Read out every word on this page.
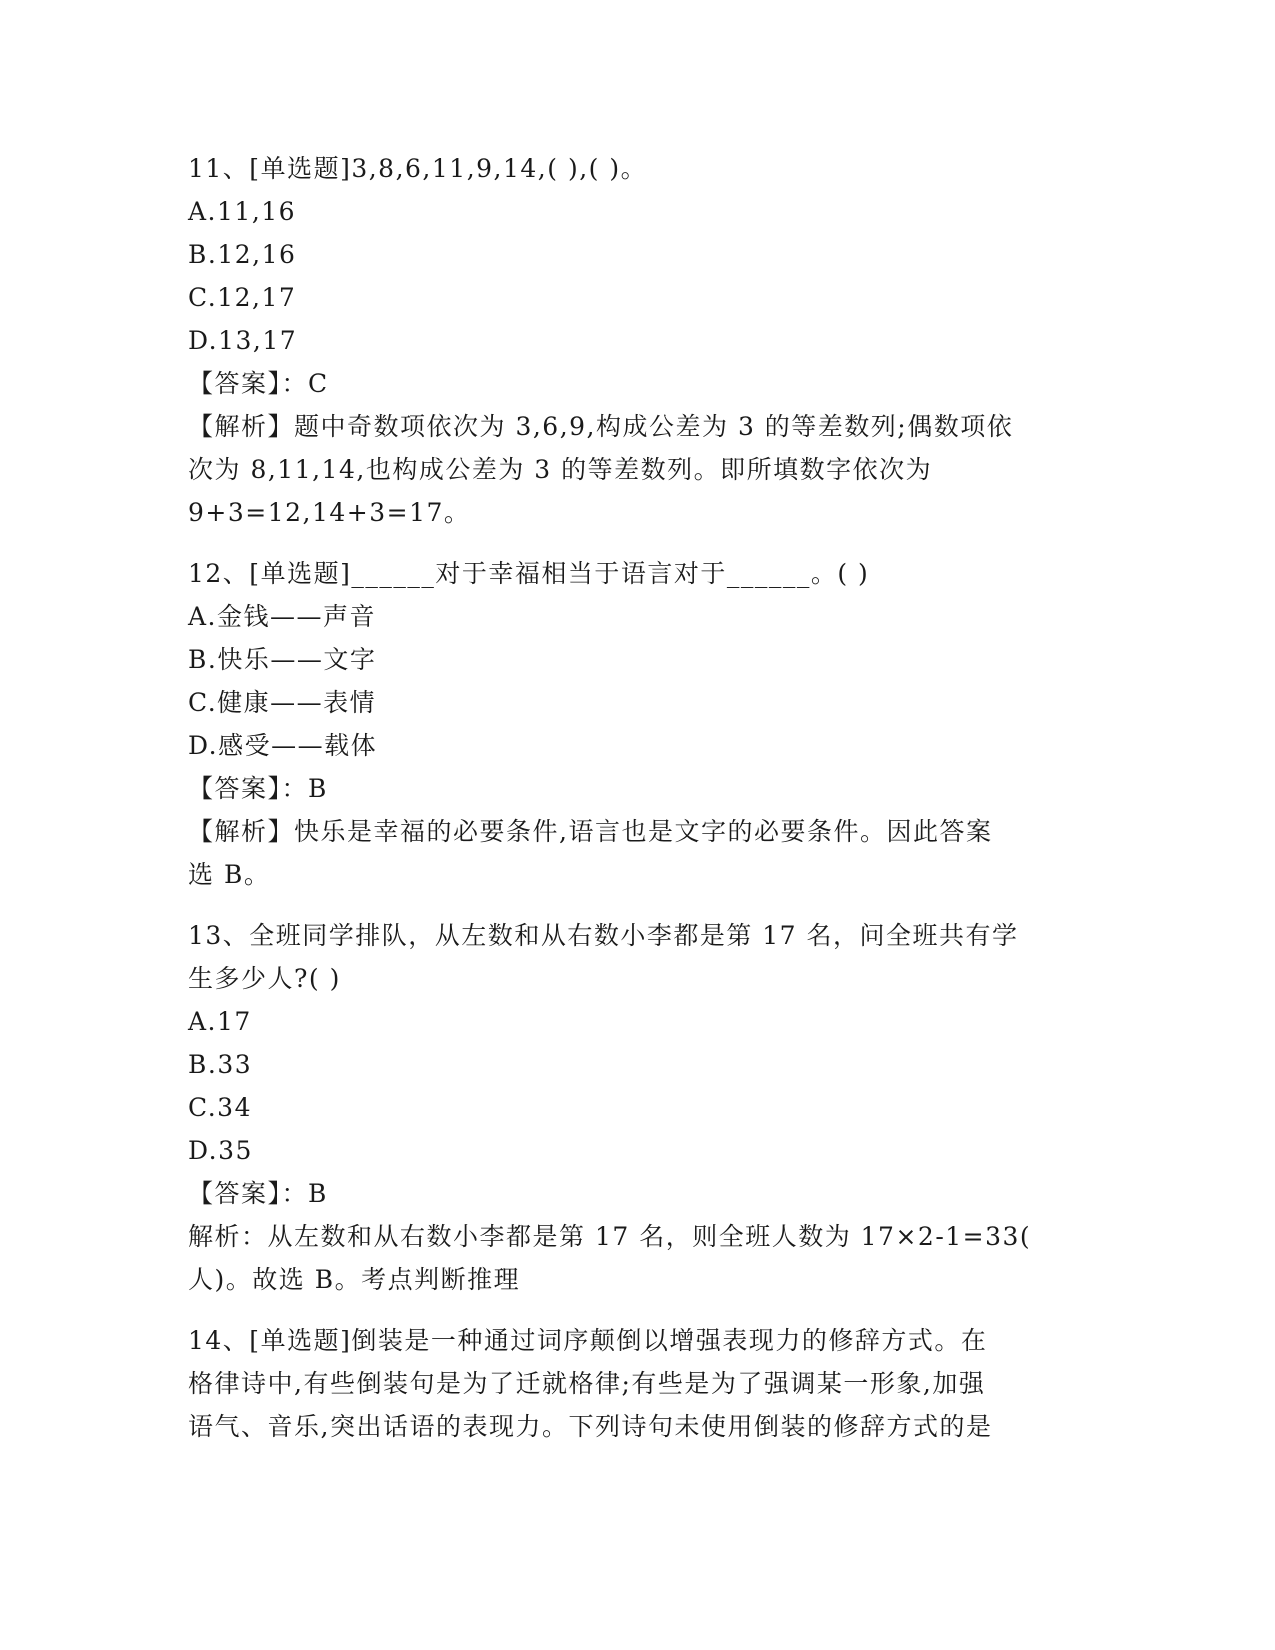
11、[单选题]3,8,6,11,9,14,( ),( )。
A.11,16
B.12,16
C.12,17
D.13,17
【答案】：C
【解析】题中奇数项依次为 3,6,9,构成公差为 3 的等差数列;偶数项依
次为 8,11,14,也构成公差为 3 的等差数列。即所填数字依次为
9+3=12,14+3=17。
12、[单选题]______对于幸福相当于语言对于______。( )
A.金钱——声音
B.快乐——文字
C.健康——表情
D.感受——载体
【答案】：B
【解析】快乐是幸福的必要条件,语言也是文字的必要条件。因此答案
选 B。
13、全班同学排队，从左数和从右数小李都是第 17 名，问全班共有学
生多少人?( )
A.17
B.33
C.34
D.35
【答案】：B
解析：从左数和从右数小李都是第 17 名，则全班人数为 17×2-1=33(
人)。故选 B。考点判断推理
14、[单选题]倒装是一种通过词序颠倒以增强表现力的修辞方式。在
格律诗中,有些倒装句是为了迁就格律;有些是为了强调某一形象,加强
语气、音乐,突出话语的表现力。下列诗句未使用倒装的修辞方式的是
